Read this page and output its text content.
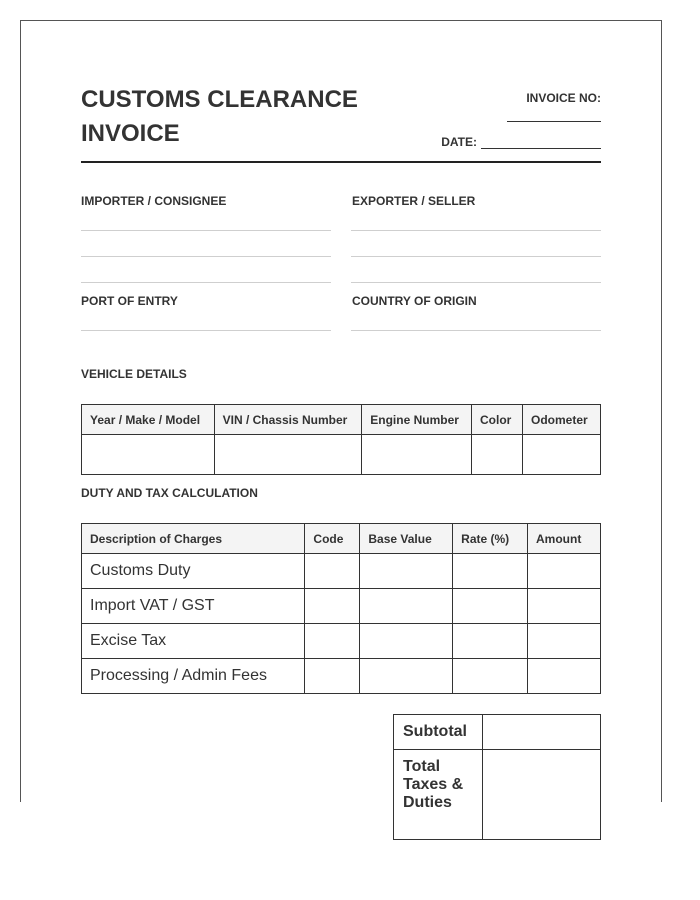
CUSTOMS CLEARANCE INVOICE
INVOICE NO:
DATE:
IMPORTER / CONSIGNEE	EXPORTER / SELLER
PORT OF ENTRY	COUNTRY OF ORIGIN
VEHICLE DETAILS
Year / Make / Model	VIN / Chassis Number	Engine Number	Color	Odometer

DUTY AND TAX CALCULATION
Description of Charges	Code	Base Value	Rate (%)	Amount
Customs Duty				
Import VAT / GST				
Excise Tax				
Processing / Admin Fees				
Subtotal	
Total Taxes & Duties	
